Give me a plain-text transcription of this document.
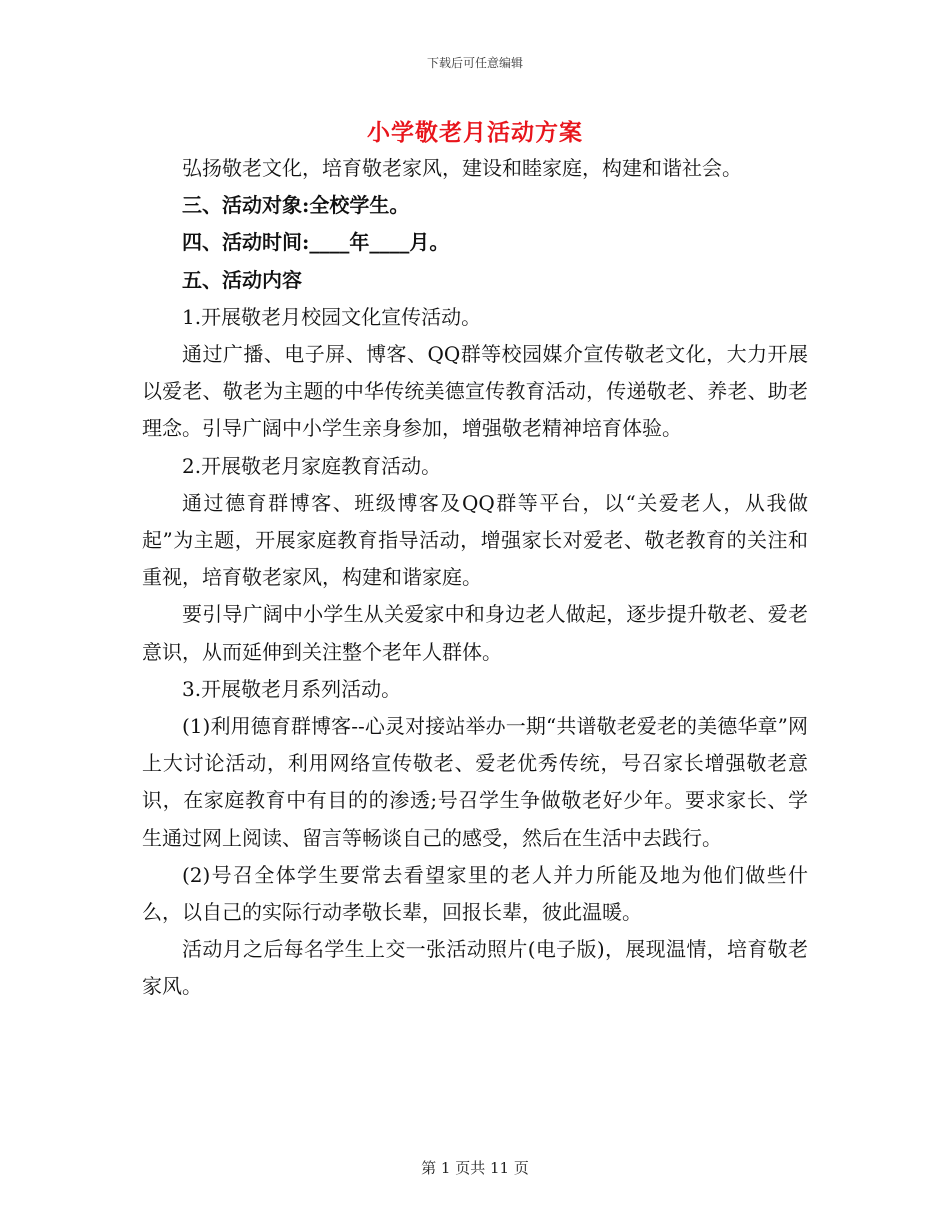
下载后可任意编辑
小学敬老月活动方案

弘扬敬老文化，培育敬老家风，建设和睦家庭，构建和谐社会。

三、活动对象:全校学生。

四、活动时间:____年____月。

五、活动内容

1.开展敬老月校园文化宣传活动。

通过广播、电子屏、博客、QQ群等校园媒介宣传敬老文化，大力开展以爱老、敬老为主题的中华传统美德宣传教育活动，传递敬老、养老、助老理念。引导广阔中小学生亲身参加，增强敬老精神培育体验。

2.开展敬老月家庭教育活动。

通过德育群博客、班级博客及QQ群等平台，以“关爱老人，从我做起”为主题，开展家庭教育指导活动，增强家长对爱老、敬老教育的关注和重视，培育敬老家风，构建和谐家庭。

要引导广阔中小学生从关爱家中和身边老人做起，逐步提升敬老、爱老意识，从而延伸到关注整个老年人群体。

3.开展敬老月系列活动。

(1)利用德育群博客--心灵对接站举办一期“共谱敬老爱老的美德华章”网上大讨论活动，利用网络宣传敬老、爱老优秀传统，号召家长增强敬老意识，在家庭教育中有目的的渗透;号召学生争做敬老好少年。要求家长、学生通过网上阅读、留言等畅谈自己的感受，然后在生活中去践行。

(2)号召全体学生要常去看望家里的老人并力所能及地为他们做些什么，以自己的实际行动孝敬长辈，回报长辈，彼此温暖。

活动月之后每名学生上交一张活动照片(电子版)，展现温情，培育敬老家风。

第 1 页共 11 页
